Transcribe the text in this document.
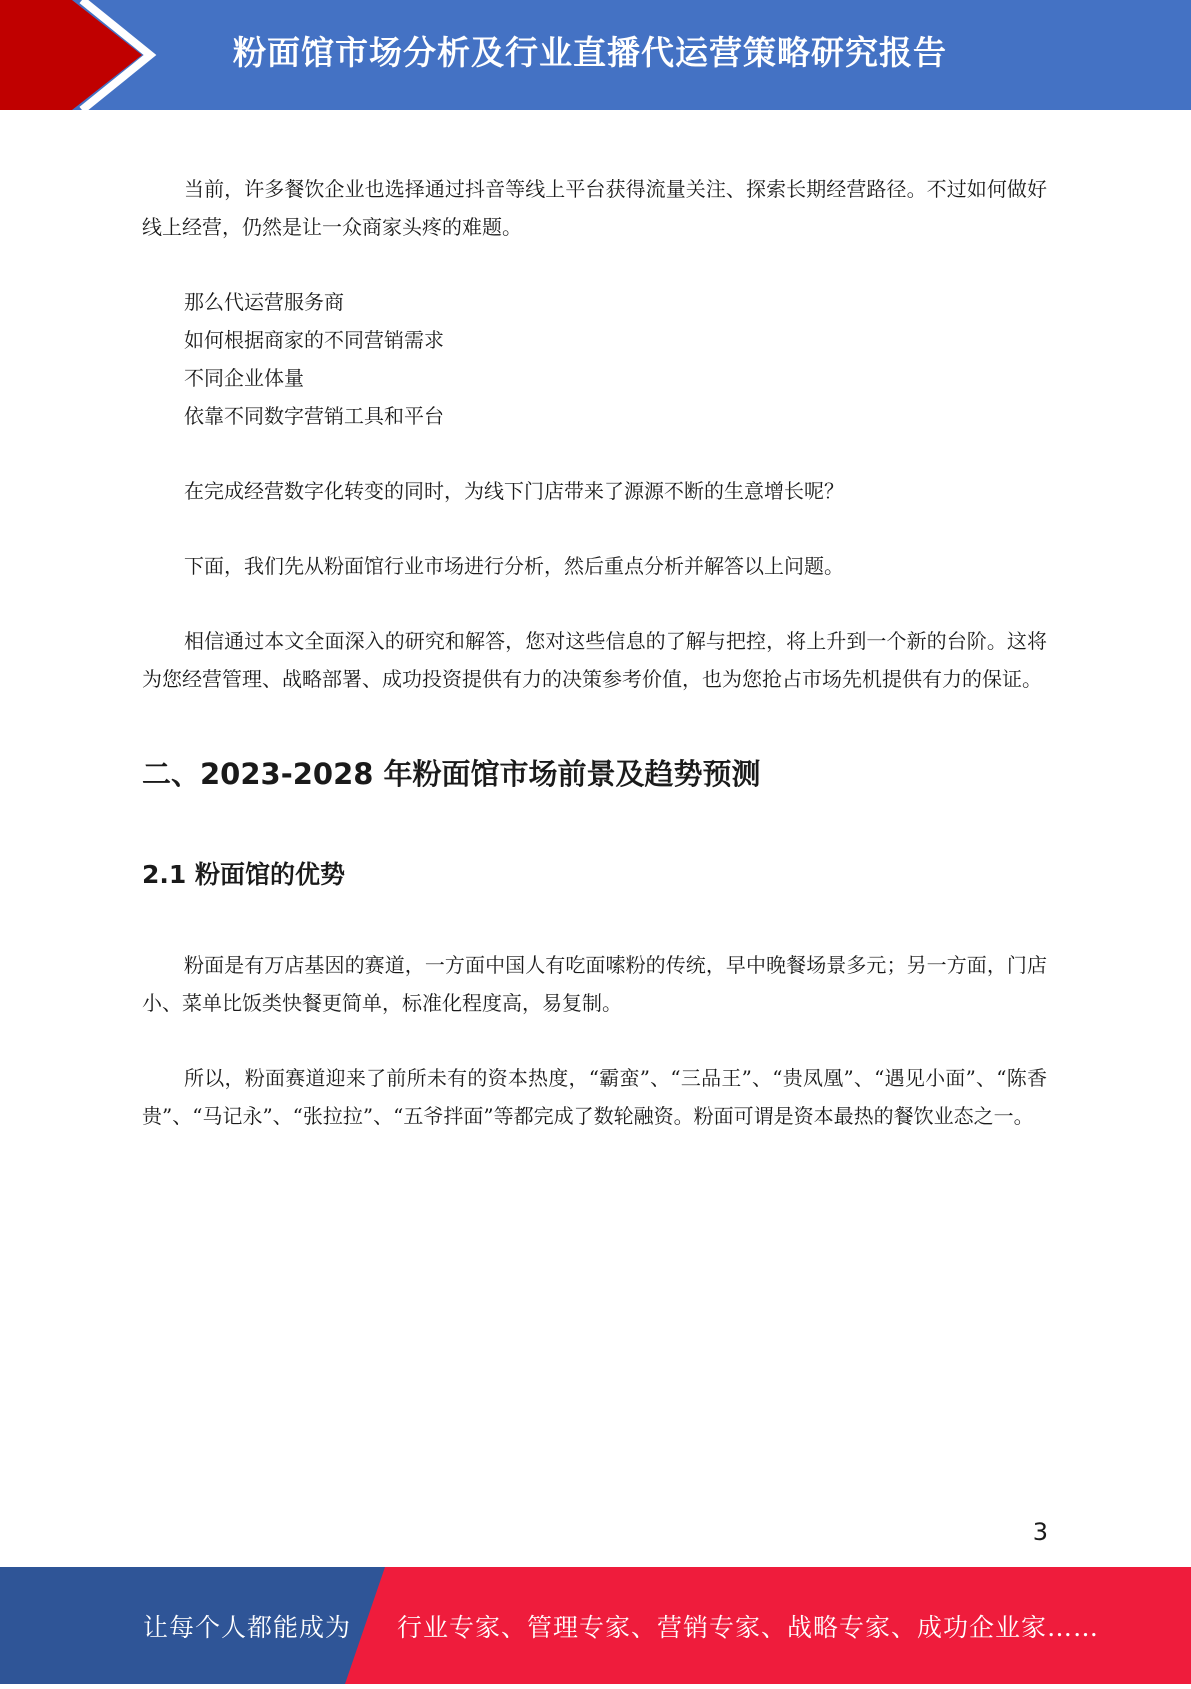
粉面馆市场分析及行业直播代运营策略研究报告

当前，许多餐饮企业也选择通过抖音等线上平台获得流量关注、探索长期经营路径。不过如何做好线上经营，仍然是让一众商家头疼的难题。

那么代运营服务商

如何根据商家的不同营销需求

不同企业体量

依靠不同数字营销工具和平台

在完成经营数字化转变的同时，为线下门店带来了源源不断的生意增长呢？

下面，我们先从粉面馆行业市场进行分析，然后重点分析并解答以上问题。

相信通过本文全面深入的研究和解答，您对这些信息的了解与把控，将上升到一个新的台阶。这将为您经营管理、战略部署、成功投资提供有力的决策参考价值，也为您抢占市场先机提供有力的保证。

二、2023-2028 年粉面馆市场前景及趋势预测
2.1 粉面馆的优势

粉面是有万店基因的赛道，一方面中国人有吃面嗦粉的传统，早中晚餐场景多元；另一方面，门店小、菜单比饭类快餐更简单，标准化程度高，易复制。

所以，粉面赛道迎来了前所未有的资本热度，“霸蛮”、“三品王”、“贵凤凰”、“遇见小面”、“陈香贵”、“马记永”、“张拉拉”、“五爷拌面”等都完成了数轮融资。粉面可谓是资本最热的餐饮业态之一。

3
让每个人都能成为 行业专家、管理专家、营销专家、战略专家、成功企业家……
